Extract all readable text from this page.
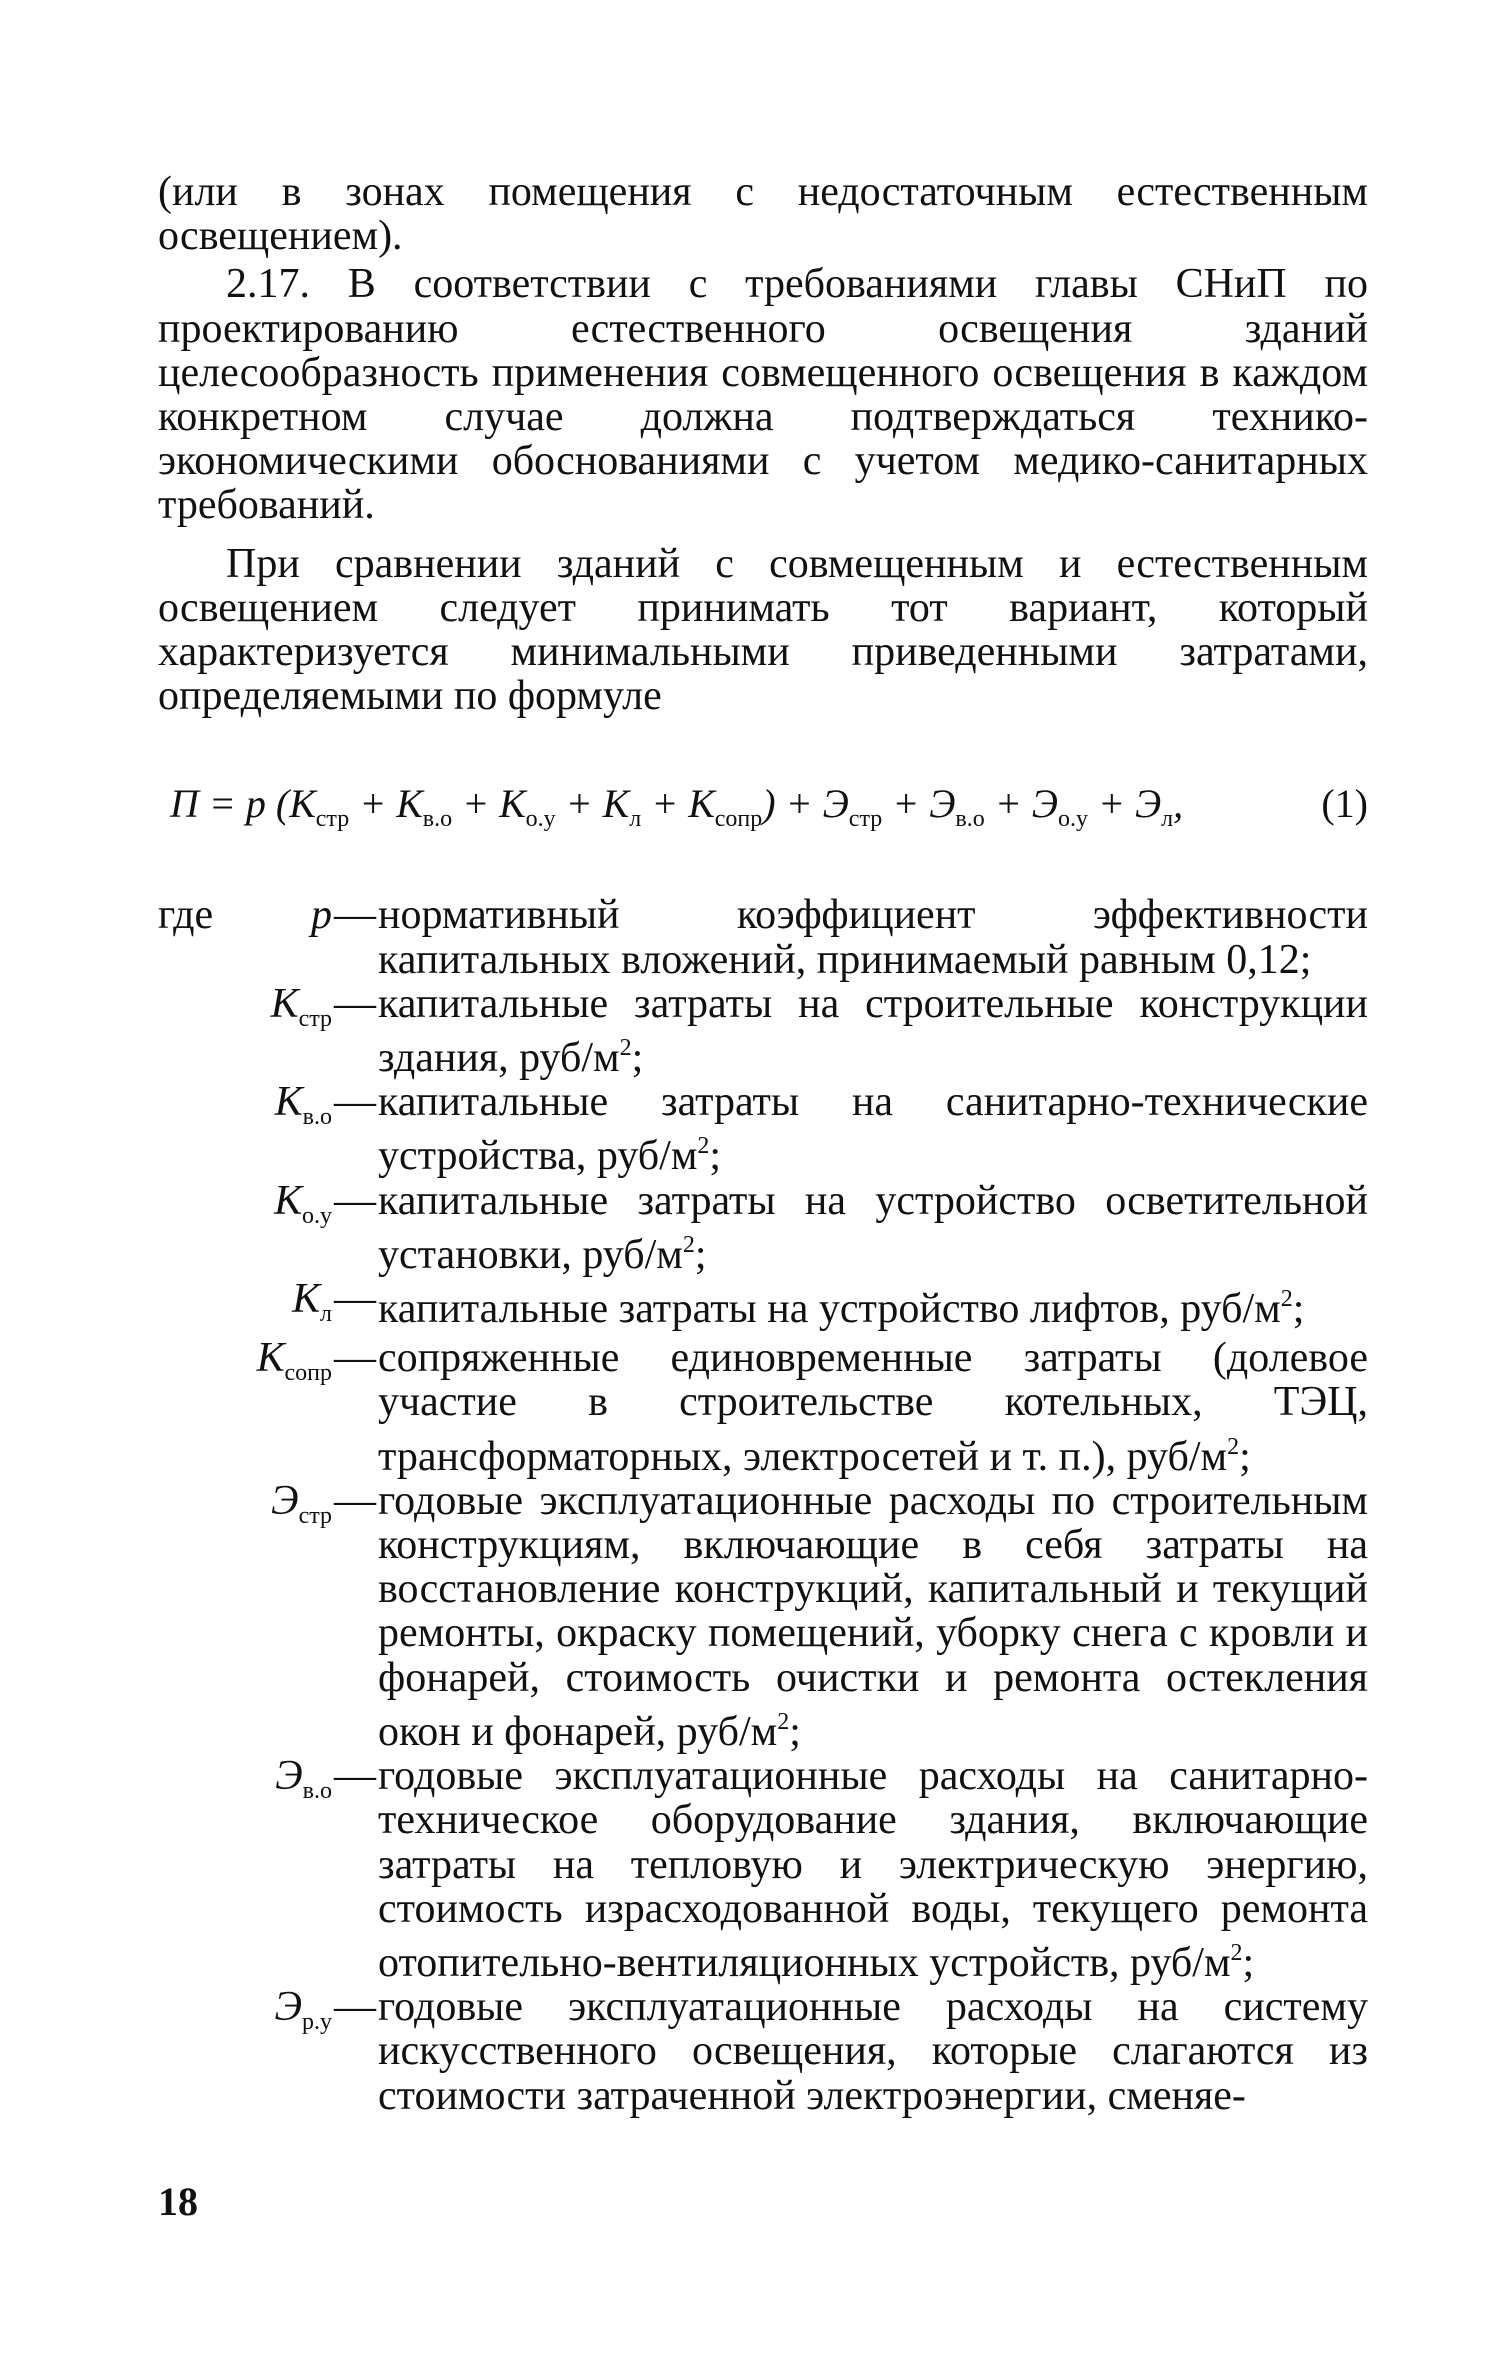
(или в зонах помещения с недостаточным естественным освещением).

2.17. В соответствии с требованиями главы СНиП по проектированию естественного освещения зданий целесообразность применения совмещенного освещения в каждом конкретном случае должна подтверждаться технико-экономическими обоснованиями с учетом медико-санитарных требований.

При сравнении зданий с совмещенным и естественным освещением следует принимать тот вариант, который характеризуется минимальными приведенными затратами, определяемыми по формуле

П = р $(К_{стр} + К_{в.о} + К_{о.у} + К_л + К_{сопр}) + Э_{стр} + Э_{в.о} + Э_{о.у} + Э_л$,	(1)
где	р — нормативный коэффициент эффективности капитальных вложений, принимаемый равным 0,12;
$К_{стр}$ — капитальные затраты на строительные конструкции здания, руб/$м^2$;
$К_{в.о}$ — капитальные затраты на санитарно-технические устройства, руб/$м^2$;
$К_{о.у}$ — капитальные затраты на устройство осветительной установки, руб/$м^2$;
$К_л$ — капитальные затраты на устройство лифтов, руб/$м^2$;
$К_{сопр}$ — сопряженные единовременные затраты (долевое участие в строительстве котельных, ТЭЦ, трансформаторных, электросетей и т. п.), руб/$м^2$;
$Э_{стр}$ — годовые эксплуатационные расходы по строительным конструкциям, включающие в себя затраты на восстановление конструкций, капитальный и текущий ремонты, окраску помещений, уборку снега с кровли и фонарей, стоимость очистки и ремонта остекления окон и фонарей, руб/$м^2$;
$Э_{в.о}$ — годовые эксплуатационные расходы на санитарно-техническое оборудование здания, включающие затраты на тепловую и электрическую энергию, стоимость израсходованной воды, текущего ремонта отопительно-вентиляционных устройств, руб/$м^2$;
$Э_{р.у}$ — годовые эксплуатационные расходы на систему искусственного освещения, которые слагаются из стоимости затраченной электроэнергии, сменяе-
18
